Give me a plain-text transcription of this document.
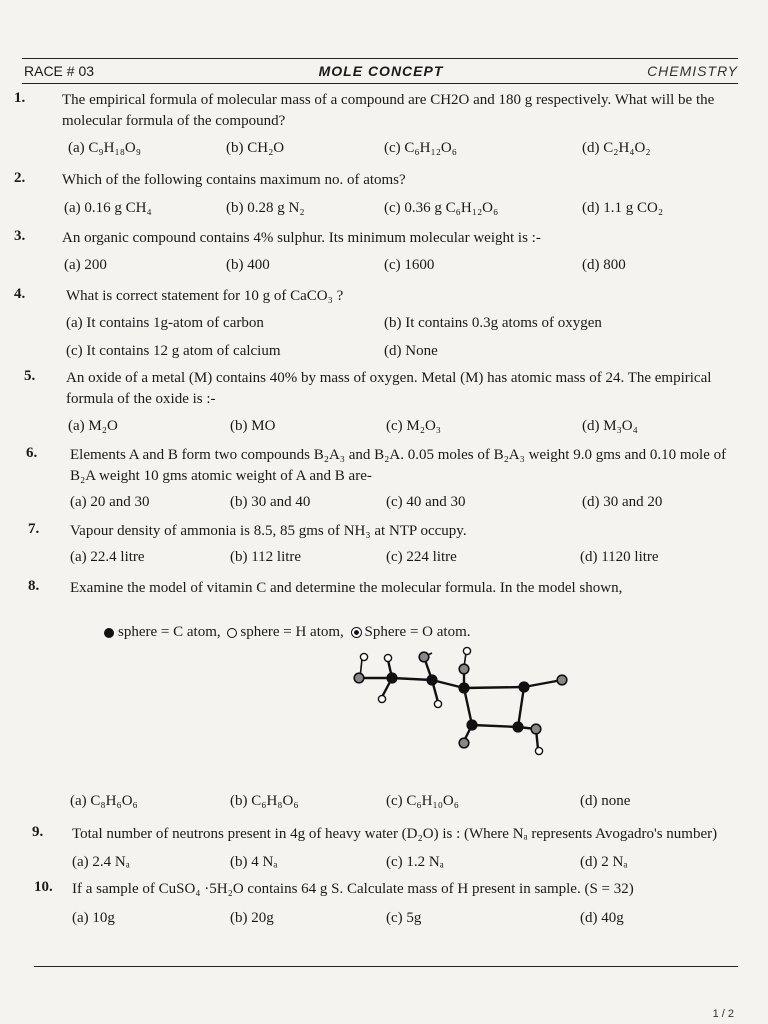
RACE # 03	MOLE CONCEPT	CHEMISTRY
1.	The empirical formula of molecular mass of a compound are CH2O and 180 g respectively. What will be the molecular formula of the compound?
(a) C₉H₁₈O₉	(b) CH₂O	(c) C₆H₁₂O₆	(d) C₂H₄O₂
2.	Which of the following contains maximum no. of atoms?
(a) 0.16 g CH₄	(b) 0.28 g N₂	(c) 0.36 g C₆H₁₂O₆	(d) 1.1 g CO₂
3.	An organic compound contains 4% sulphur. Its minimum molecular weight is :-
(a) 200	(b) 400	(c) 1600	(d) 800
4.	What is correct statement for 10 g of CaCO₃ ?
(a) It contains 1g-atom of carbon	(b) It contains 0.3g atoms of oxygen
(c) It contains 12 g atom of calcium	(d) None
5.	An oxide of a metal (M) contains 40% by mass of oxygen. Metal (M) has atomic mass of 24. The empirical formula of the oxide is :-
(a) M₂O	(b) MO	(c) M₂O₃	(d) M₃O₄
6.	Elements A and B form two compounds B₂A₃ and B₂A. 0.05 moles of B₂A₃ weight 9.0 gms and 0.10 mole of B₂A weight 10 gms atomic weight of A and B are-
(a) 20 and 30	(b) 30 and 40	(c) 40 and 30	(d) 30 and 20
7.	Vapour density of ammonia is 8.5, 85 gms of NH₃ at NTP occupy.
(a) 22.4 litre	(b) 112 litre	(c) 224 litre	(d) 1120 litre
8.	Examine the model of vitamin C and determine the molecular formula. In the model shown,
sphere = C atom, sphere = H atom, Sphere = O atom.
(a) C₈H₆O₆	(b) C₆H₈O₆	(c) C₆H₁₀O₆	(d) none
9.	Total number of neutrons present in 4g of heavy water (D₂O) is : (Where Nₐ represents Avogadro's number)
(a) 2.4 Nₐ	(b) 4 Nₐ	(c) 1.2 Nₐ	(d) 2 Nₐ
10.	If a sample of CuSO₄ ·5H₂O contains 64 g S. Calculate mass of H present in sample. (S = 32)
(a) 10g	(b) 20g	(c) 5g	(d) 40g
1 / 2
